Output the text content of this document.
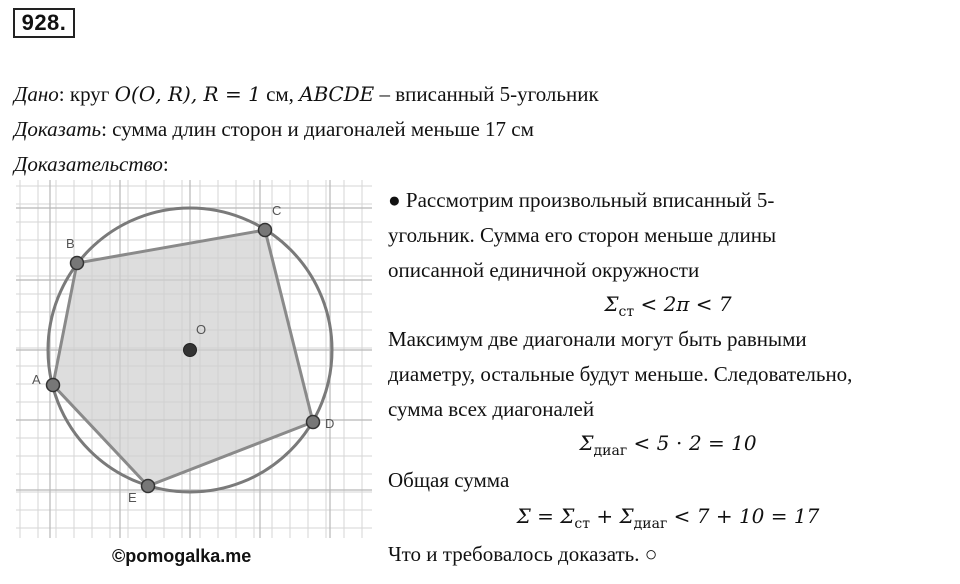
928.
Дано: круг 𝑂(𝑂, 𝑅), 𝑅 = 1 см, 𝐴𝐵𝐶𝐷𝐸 – вписанный 5-угольник
Доказать: сумма длин сторон и диагоналей меньше 17 см
Доказательство:
A
B
C
D
E
O
● Рассмотрим произвольный вписанный 5-
угольник. Сумма его сторон меньше длины
описанной единичной окружности
𝛴$_{ст}$ < 2𝜋 < 7
Максимум две диагонали могут быть равными
диаметру, остальные будут меньше. Следовательно,
сумма всех диагоналей
𝛴$_{диаг}$ < 5 ⋅ 2 = 10
Общая сумма
𝛴 = 𝛴$_{ст}$ + 𝛴$_{диаг}$ < 7 + 10 = 17
Что и требовалось доказать. ○
©pomogalka.me
